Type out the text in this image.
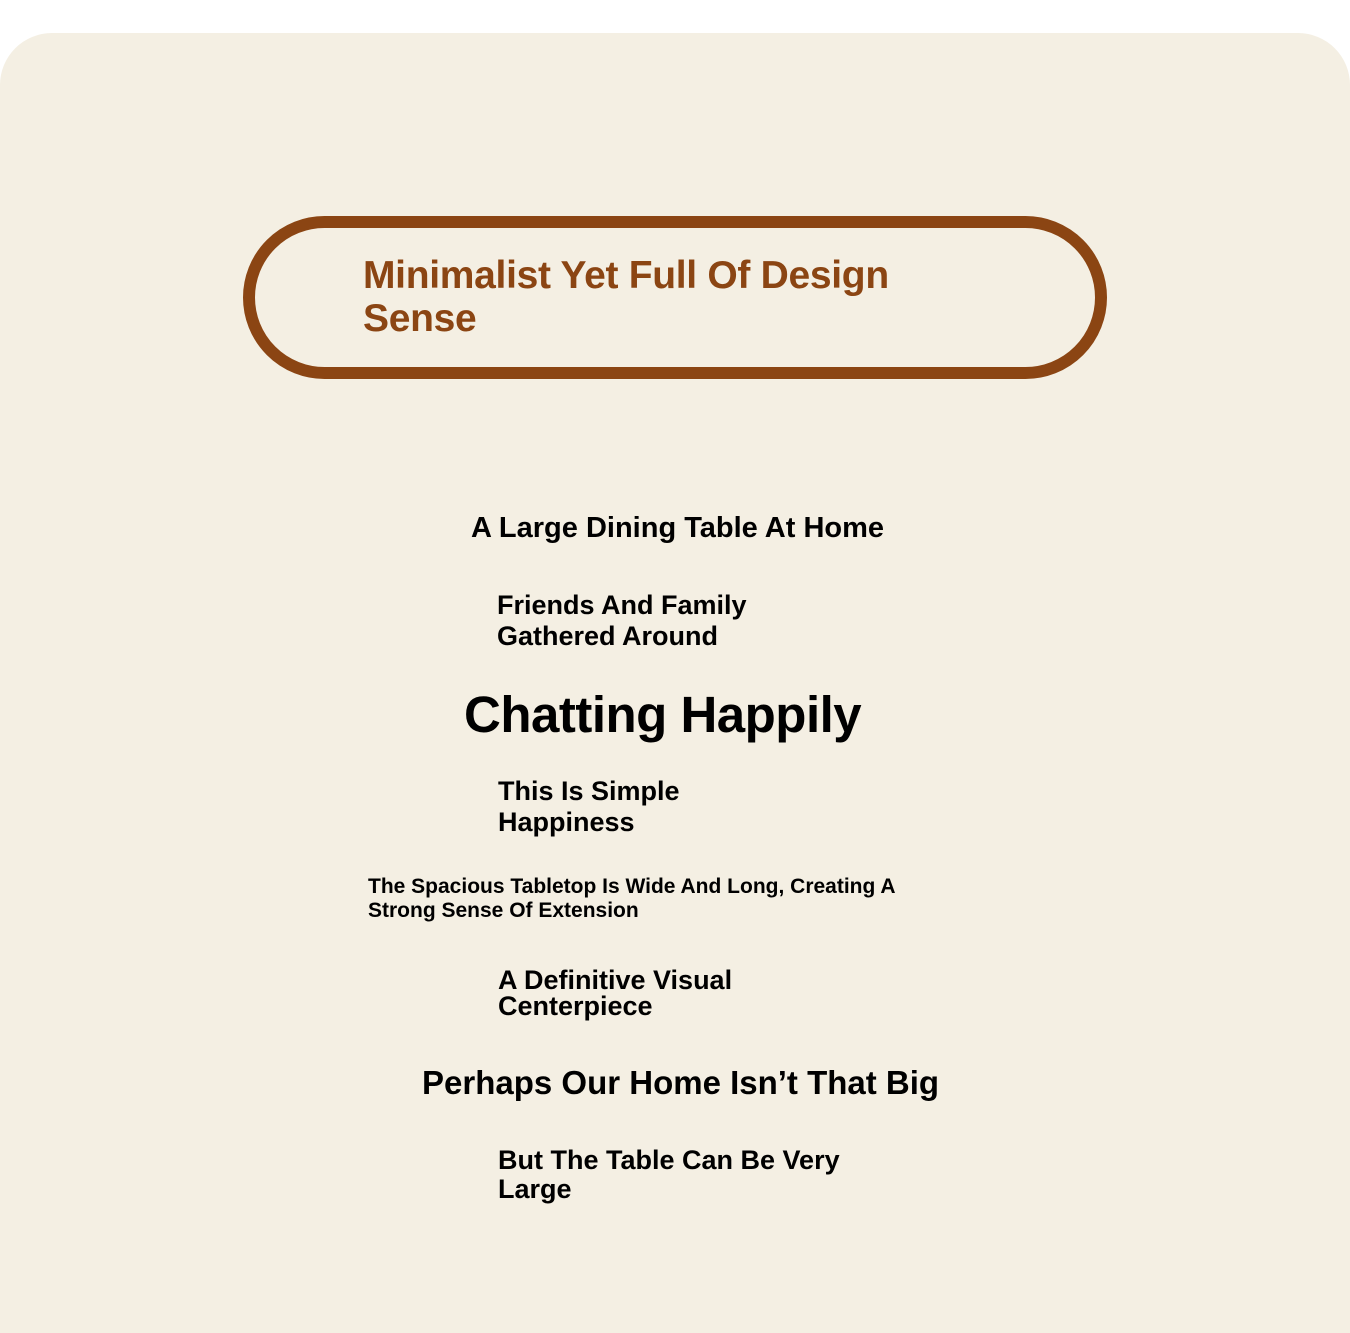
Minimalist Yet Full Of Design Sense

A Large Dining Table At Home

Friends And Family Gathered Around

Chatting Happily

This Is Simple Happiness

The Spacious Tabletop Is Wide And Long, Creating A Strong Sense Of Extension

A Definitive Visual Centerpiece

Perhaps Our Home Isn’t That Big

But The Table Can Be Very Large
